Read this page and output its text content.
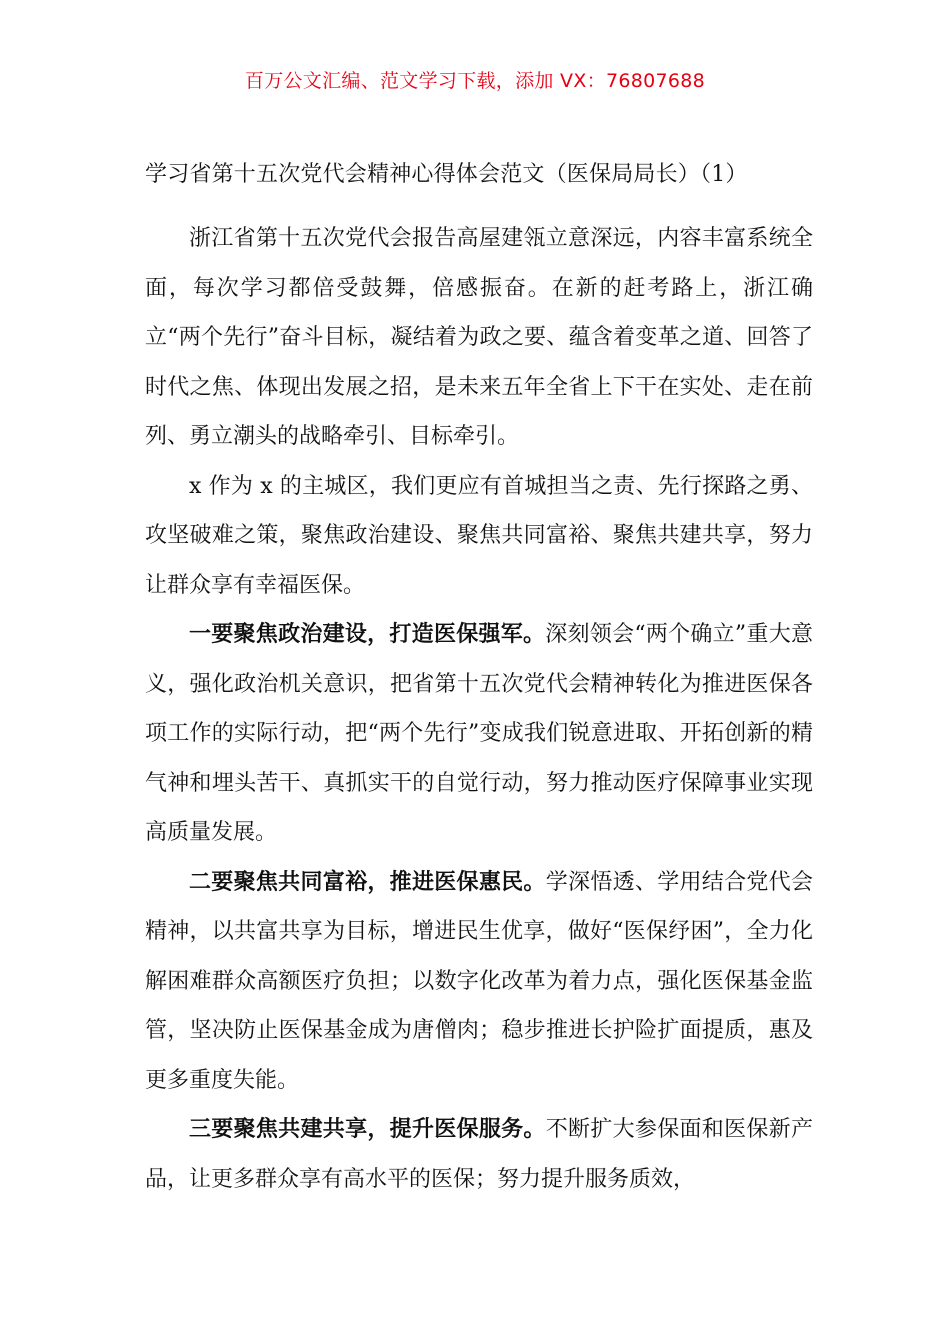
百万公文汇编、范文学习下载，添加 VX：76807688
学习省第十五次党代会精神心得体会范文（医保局局长）（1）

浙江省第十五次党代会报告高屋建瓴立意深远，内容丰富系统全面，每次学习都倍受鼓舞，倍感振奋。在新的赶考路上，浙江确立“两个先行”奋斗目标，凝结着为政之要、蕴含着变革之道、回答了时代之焦、体现出发展之招，是未来五年全省上下干在实处、走在前列、勇立潮头的战略牵引、目标牵引。

x 作为 x 的主城区，我们更应有首城担当之责、先行探路之勇、攻坚破难之策，聚焦政治建设、聚焦共同富裕、聚焦共建共享，努力让群众享有幸福医保。

一要聚焦政治建设，打造医保强军。深刻领会“两个确立”重大意义，强化政治机关意识，把省第十五次党代会精神转化为推进医保各项工作的实际行动，把“两个先行”变成我们锐意进取、开拓创新的精气神和埋头苦干、真抓实干的自觉行动，努力推动医疗保障事业实现高质量发展。

二要聚焦共同富裕，推进医保惠民。学深悟透、学用结合党代会精神，以共富共享为目标，增进民生优享，做好“医保纾困”，全力化解困难群众高额医疗负担；以数字化改革为着力点，强化医保基金监管，坚决防止医保基金成为唐僧肉；稳步推进长护险扩面提质，惠及更多重度失能。

三要聚焦共建共享，提升医保服务。不断扩大参保面和医保新产品，让更多群众享有高水平的医保；努力提升服务质效，
